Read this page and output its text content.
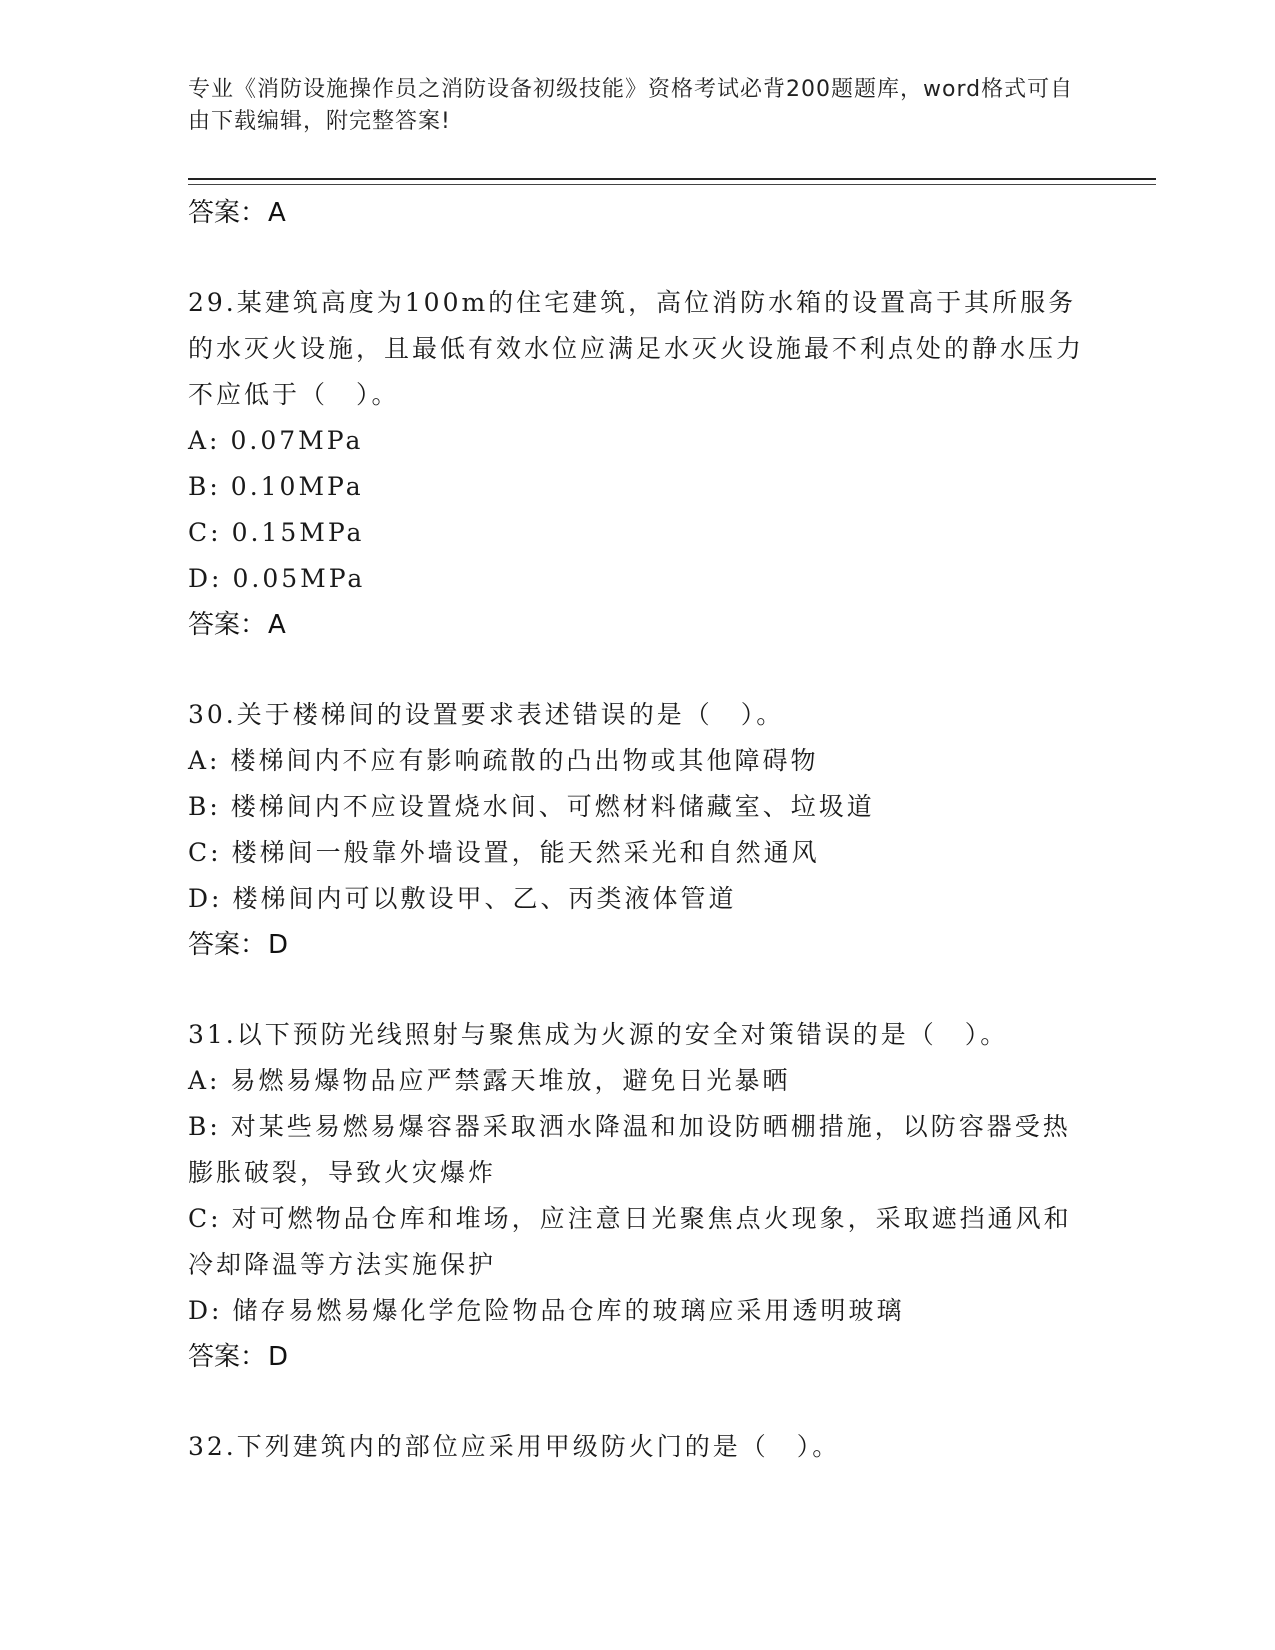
专业《消防设施操作员之消防设备初级技能》资格考试必背200题题库，word格式可自由下载编辑，附完整答案!
答案：A
29.某建筑高度为100m的住宅建筑，高位消防水箱的设置高于其所服务的水灭火设施，且最低有效水位应满足水灭火设施最不利点处的静水压力不应低于（　）。
A: 0.07MPa
B: 0.10MPa
C: 0.15MPa
D: 0.05MPa
答案：A
30.关于楼梯间的设置要求表述错误的是（　）。
A: 楼梯间内不应有影响疏散的凸出物或其他障碍物
B: 楼梯间内不应设置烧水间、可燃材料储藏室、垃圾道
C: 楼梯间一般靠外墙设置，能天然采光和自然通风
D: 楼梯间内可以敷设甲、乙、丙类液体管道
答案：D
31.以下预防光线照射与聚焦成为火源的安全对策错误的是（　）。
A: 易燃易爆物品应严禁露天堆放，避免日光暴晒
B: 对某些易燃易爆容器采取洒水降温和加设防晒棚措施，以防容器受热膨胀破裂，导致火灾爆炸
C: 对可燃物品仓库和堆场，应注意日光聚焦点火现象，采取遮挡通风和冷却降温等方法实施保护
D: 储存易燃易爆化学危险物品仓库的玻璃应采用透明玻璃
答案：D
32.下列建筑内的部位应采用甲级防火门的是（　）。
